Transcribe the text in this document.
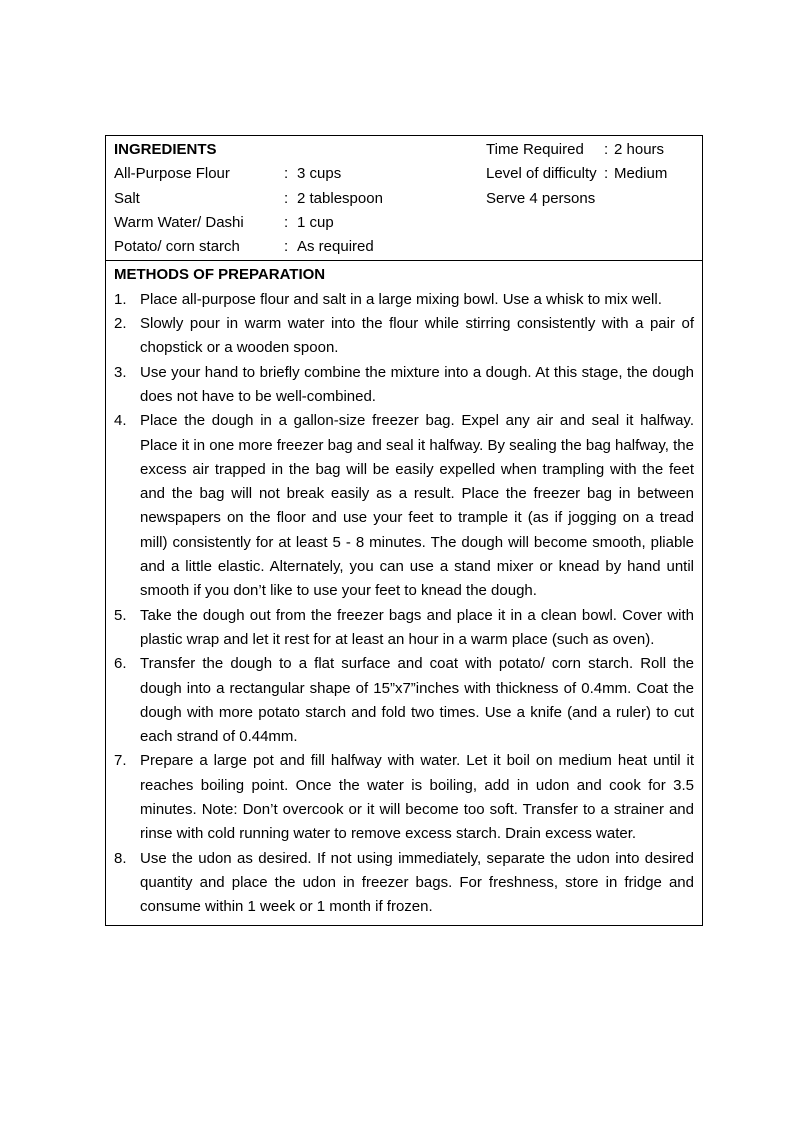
INGREDIENTS
All-Purpose Flour	: 3 cups
Salt	: 2 tablespoon
Warm Water/ Dashi	: 1 cup
Potato/ corn starch	: As required
Time Required : 2 hours
Level of difficulty : Medium
Serve 4 persons
METHODS OF PREPARATION
1. Place all-purpose flour and salt in a large mixing bowl. Use a whisk to mix well.
2. Slowly pour in warm water into the flour while stirring consistently with a pair of chopstick or a wooden spoon.
3. Use your hand to briefly combine the mixture into a dough. At this stage, the dough does not have to be well-combined.
4. Place the dough in a gallon-size freezer bag. Expel any air and seal it halfway. Place it in one more freezer bag and seal it halfway. By sealing the bag halfway, the excess air trapped in the bag will be easily expelled when trampling with the feet and the bag will not break easily as a result. Place the freezer bag in between newspapers on the floor and use your feet to trample it (as if jogging on a tread mill) consistently for at least 5 - 8 minutes. The dough will become smooth, pliable and a little elastic. Alternately, you can use a stand mixer or knead by hand until smooth if you don’t like to use your feet to knead the dough.
5. Take the dough out from the freezer bags and place it in a clean bowl. Cover with plastic wrap and let it rest for at least an hour in a warm place (such as oven).
6. Transfer the dough to a flat surface and coat with potato/ corn starch. Roll the dough into a rectangular shape of 15”x7”inches with thickness of 0.4mm. Coat the dough with more potato starch and fold two times. Use a knife (and a ruler) to cut each strand of 0.44mm.
7. Prepare a large pot and fill halfway with water. Let it boil on medium heat until it reaches boiling point. Once the water is boiling, add in udon and cook for 3.5 minutes. Note: Don’t overcook or it will become too soft. Transfer to a strainer and rinse with cold running water to remove excess starch. Drain excess water.
8. Use the udon as desired. If not using immediately, separate the udon into desired quantity and place the udon in freezer bags. For freshness, store in fridge and consume within 1 week or 1 month if frozen.
